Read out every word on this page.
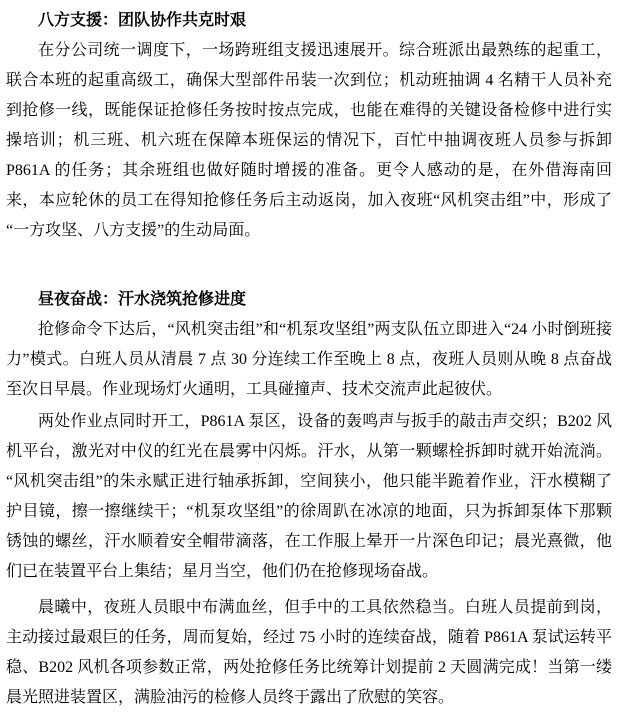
八方支援：团队协作共克时艰

在分公司统一调度下，一场跨班组支援迅速展开。综合班派出最熟练的起重工，联合本班的起重高级工，确保大型部件吊装一次到位；机动班抽调 4 名精干人员补充到抢修一线，既能保证抢修任务按时按点完成，也能在难得的关键设备检修中进行实操培训；机三班、机六班在保障本班保运的情况下，百忙中抽调夜班人员参与拆卸 P861A 的任务；其余班组也做好随时增援的准备。更令人感动的是，在外借海南回来，本应轮休的员工在得知抢修任务后主动返岗，加入夜班“风机突击组”中，形成了“一方攻坚、八方支援”的生动局面。

昼夜奋战：汗水浇筑抢修进度

抢修命令下达后，“风机突击组”和“机泵攻坚组”两支队伍立即进入“24 小时倒班接力”模式。白班人员从清晨 7 点 30 分连续工作至晚上 8 点，夜班人员则从晚 8 点奋战至次日早晨。作业现场灯火通明，工具碰撞声、技术交流声此起彼伏。

两处作业点同时开工，P861A 泵区，设备的轰鸣声与扳手的敲击声交织；B202 风机平台，激光对中仪的红光在晨雾中闪烁。汗水，从第一颗螺栓拆卸时就开始流淌。“风机突击组”的朱永赋正进行轴承拆卸，空间狭小，他只能半跪着作业，汗水模糊了护目镜，擦一擦继续干；“机泵攻坚组”的徐周趴在冰凉的地面，只为拆卸泵体下那颗锈蚀的螺丝，汗水顺着安全帽带滴落，在工作服上晕开一片深色印记；晨光熹微，他们已在装置平台上集结；星月当空，他们仍在抢修现场奋战。

晨曦中，夜班人员眼中布满血丝，但手中的工具依然稳当。白班人员提前到岗，主动接过最艰巨的任务，周而复始，经过 75 小时的连续奋战，随着 P861A 泵试运转平稳、B202 风机各项参数正常，两处抢修任务比统筹计划提前 2 天圆满完成！当第一缕晨光照进装置区，满脸油污的检修人员终于露出了欣慰的笑容。
